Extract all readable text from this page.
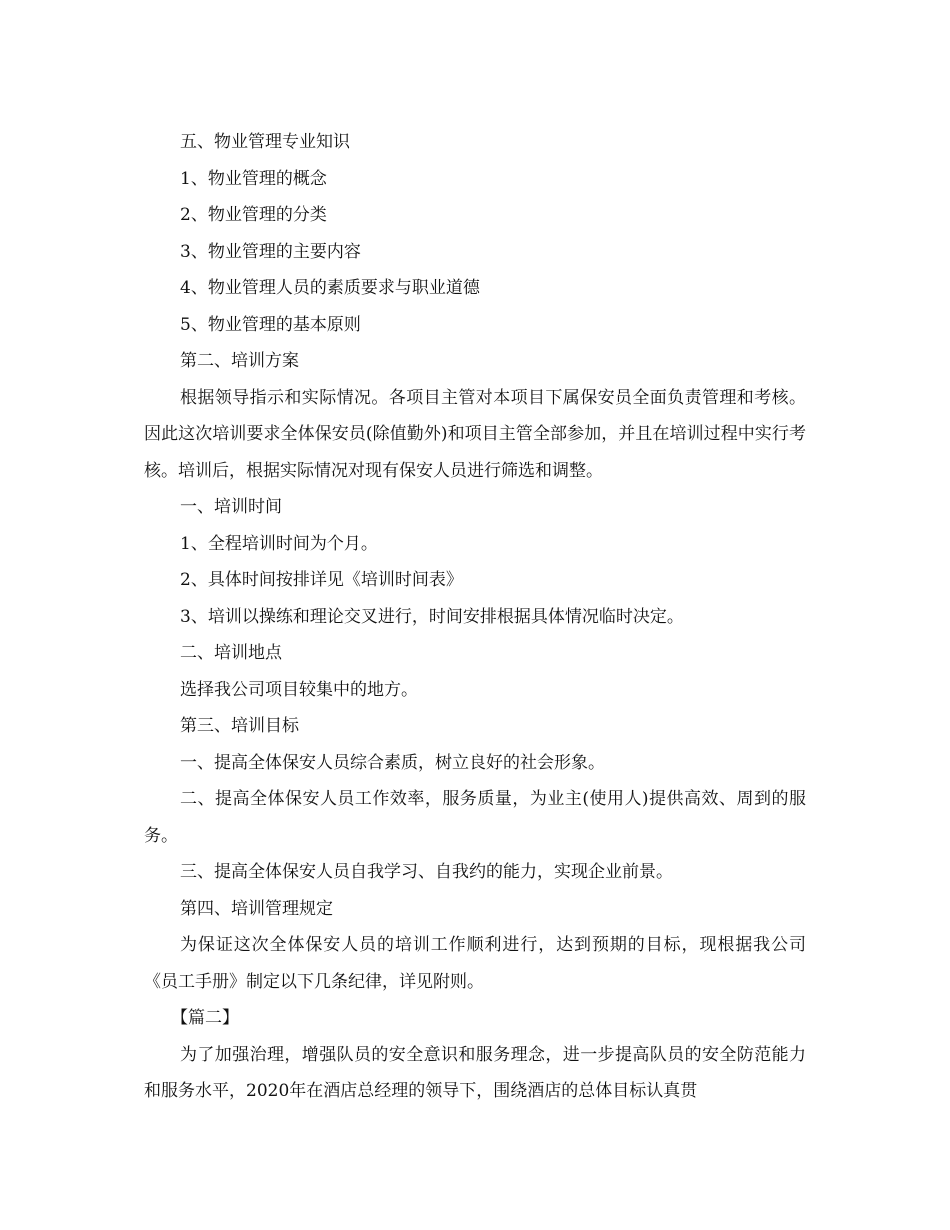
五、物业管理专业知识

1、物业管理的概念

2、物业管理的分类

3、物业管理的主要内容

4、物业管理人员的素质要求与职业道德

5、物业管理的基本原则

第二、培训方案

根据领导指示和实际情况。各项目主管对本项目下属保安员全面负责管理和考核。因此这次培训要求全体保安员(除值勤外)和项目主管全部参加，并且在培训过程中实行考核。培训后，根据实际情况对现有保安人员进行筛选和调整。

一、培训时间

1、全程培训时间为个月。

2、具体时间按排详见《培训时间表》

3、培训以操练和理论交叉进行，时间安排根据具体情况临时决定。

二、培训地点

选择我公司项目较集中的地方。

第三、培训目标

一、提高全体保安人员综合素质，树立良好的社会形象。

二、提高全体保安人员工作效率，服务质量，为业主(使用人)提供高效、周到的服务。

三、提高全体保安人员自我学习、自我约的能力，实现企业前景。

第四、培训管理规定

为保证这次全体保安人员的培训工作顺利进行，达到预期的目标，现根据我公司《员工手册》制定以下几条纪律，详见附则。

【篇二】

为了加强治理，增强队员的安全意识和服务理念，进一步提高队员的安全防范能力和服务水平，2020年在酒店总经理的领导下，围绕酒店的总体目标认真贯
